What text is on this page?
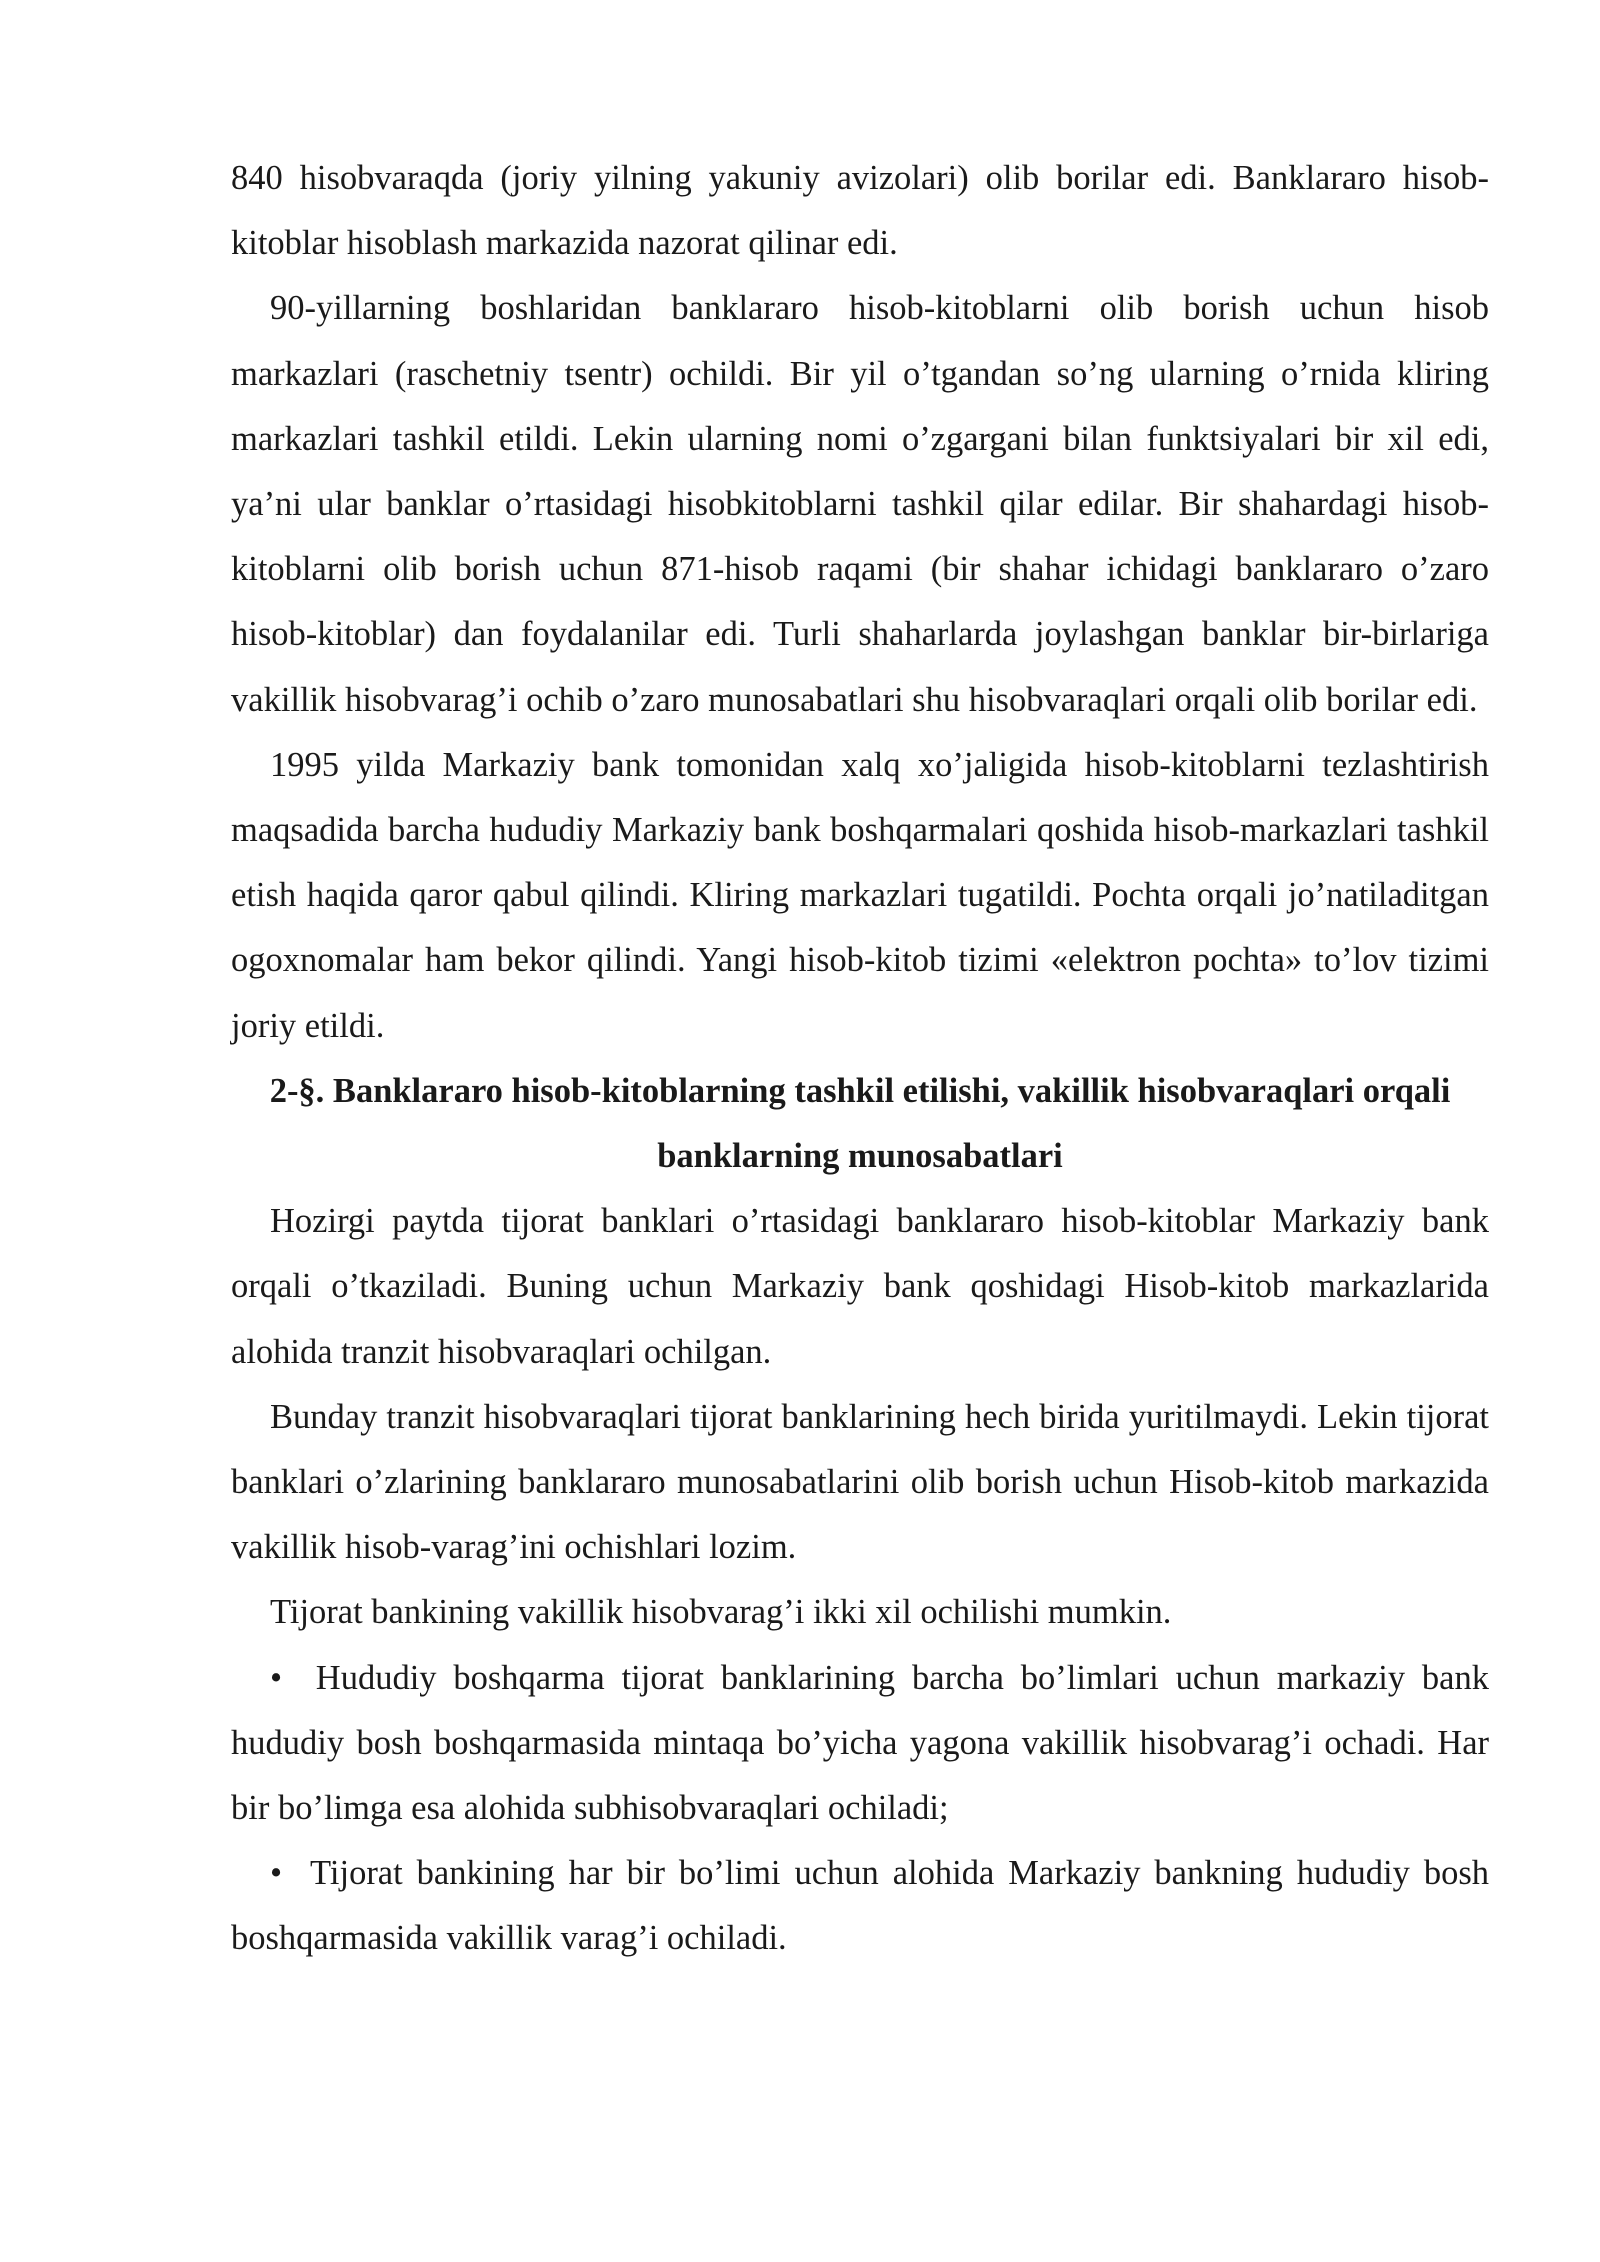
840 hisobvaraqda (joriy yilning yakuniy avizolari) olib borilar edi. Banklararo hisob-kitoblar hisoblash markazida nazorat qilinar edi.

90-yillarning boshlaridan banklararo hisob-kitoblarni olib borish uchun hisob markazlari (raschetniy tsentr) ochildi. Bir yil o’tgandan so’ng ularning o’rnida kliring markazlari tashkil etildi. Lekin ularning nomi o’zgargani bilan funktsiyalari bir xil edi, ya’ni ular banklar o’rtasidagi hisobkitoblarni tashkil qilar edilar. Bir shahardagi hisob-kitoblarni olib borish uchun 871-hisob raqami (bir shahar ichidagi banklararo o’zaro hisob-kitoblar) dan foydalanilar edi. Turli shaharlarda joylashgan banklar bir-birlariga vakillik hisobvarag’i ochib o’zaro munosabatlari shu hisobvaraqlari orqali olib borilar edi.

1995 yilda Markaziy bank tomonidan xalq xo’jaligida hisob-kitoblarni tezlashtirish maqsadida barcha hududiy Markaziy bank boshqarmalari qoshida hisob-markazlari tashkil etish haqida qaror qabul qilindi. Kliring markazlari tugatildi. Pochta orqali jo’natiladitgan ogoxnomalar ham bekor qilindi. Yangi hisob-kitob tizimi «elektron pochta» to’lov tizimi joriy etildi.

2-§. Banklararo hisob-kitoblarning tashkil etilishi, vakillik hisobvaraqlari orqali banklarning munosabatlari

Hozirgi paytda tijorat banklari o’rtasidagi banklararo hisob-kitoblar Markaziy bank orqali o’tkaziladi. Buning uchun Markaziy bank qoshidagi Hisob-kitob markazlarida alohida tranzit hisobvaraqlari ochilgan.

Bunday tranzit hisobvaraqlari tijorat banklarining hech birida yuritilmaydi. Lekin tijorat banklari o’zlarining banklararo munosabatlarini olib borish uchun Hisob-kitob markazida vakillik hisob-varag’ini ochishlari lozim.

Tijorat bankining vakillik hisobvarag’i ikki xil ochilishi mumkin.

• Hududiy boshqarma tijorat banklarining barcha bo’limlari uchun markaziy bank hududiy bosh boshqarmasida mintaqa bo’yicha yagona vakillik hisobvarag’i ochadi. Har bir bo’limga esa alohida subhisobvaraqlari ochiladi;

• Tijorat bankining har bir bo’limi uchun alohida Markaziy bankning hududiy bosh boshqarmasida vakillik varag’i ochiladi.
